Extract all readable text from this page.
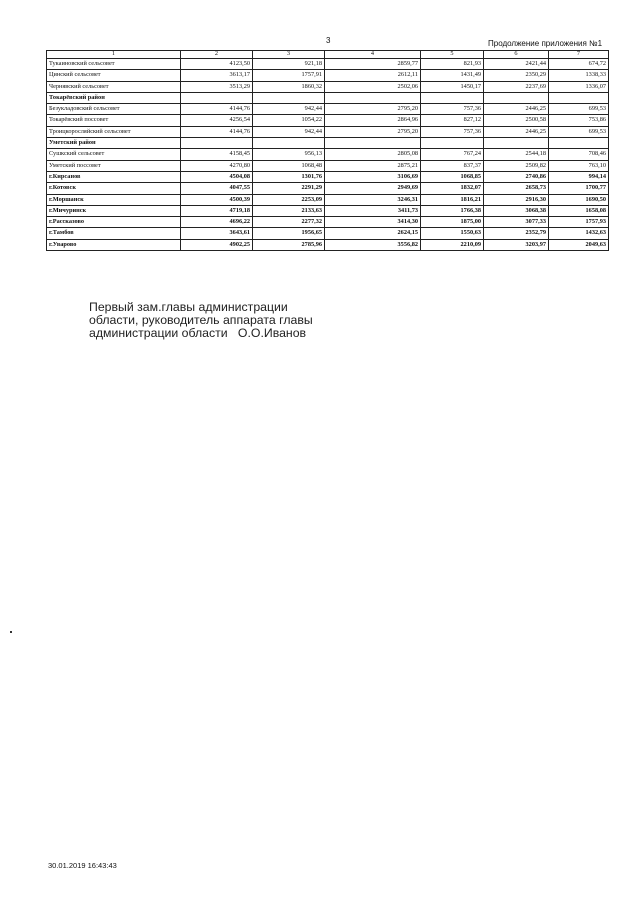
3	Продолжение приложения №1
1	2	3	4	5	6	7
Тукаиновский сельсовет	4123,50	921,18	2859,77	821,93	2421,44	674,72
Цинский сельсовет	3613,17	1757,91	2612,11	1431,49	2350,29	1338,33
Чернявский сельсовет	3513,29	1860,32	2502,06	1450,17	2237,69	1336,07
Токарёвский район						
Безукладовский сельсовет	4144,76	942,44	2795,20	757,36	2446,25	699,53
Токарёвский поссовет	4256,54	1054,22	2864,96	827,12	2500,58	753,86
Троицкоросляйский сельсовет	4144,76	942,44	2795,20	757,36	2446,25	699,53
Уметский район						
Сушкский сельсовет	4158,45	956,13	2805,08	767,24	2544,18	708,46
Уметский поссовет	4270,80	1068,48	2875,21	837,37	2509,82	763,10
г.Кирсанов	4504,08	1301,76	3106,69	1068,85	2740,86	994,14
г.Котовск	4047,55	2291,29	2949,69	1832,07	2658,73	1700,77
г.Моршанск	4500,39	2253,09	3246,31	1816,21	2916,30	1690,50
г.Мичуринск	4719,18	2133,63	3411,73	1766,38	3068,38	1658,08
г.Рассказово	4696,22	2277,32	3414,30	1875,00	3077,33	1757,93
г.Тамбов	3643,61	1956,65	2624,15	1550,63	2352,79	1432,63
г.Уварово	4902,25	2785,96	3556,82	2210,09	3203,97	2049,63
Первый зам.главы администрации
области, руководитель аппарата главы
администрации области   О.О.Иванов
30.01.2019 16:43:43
